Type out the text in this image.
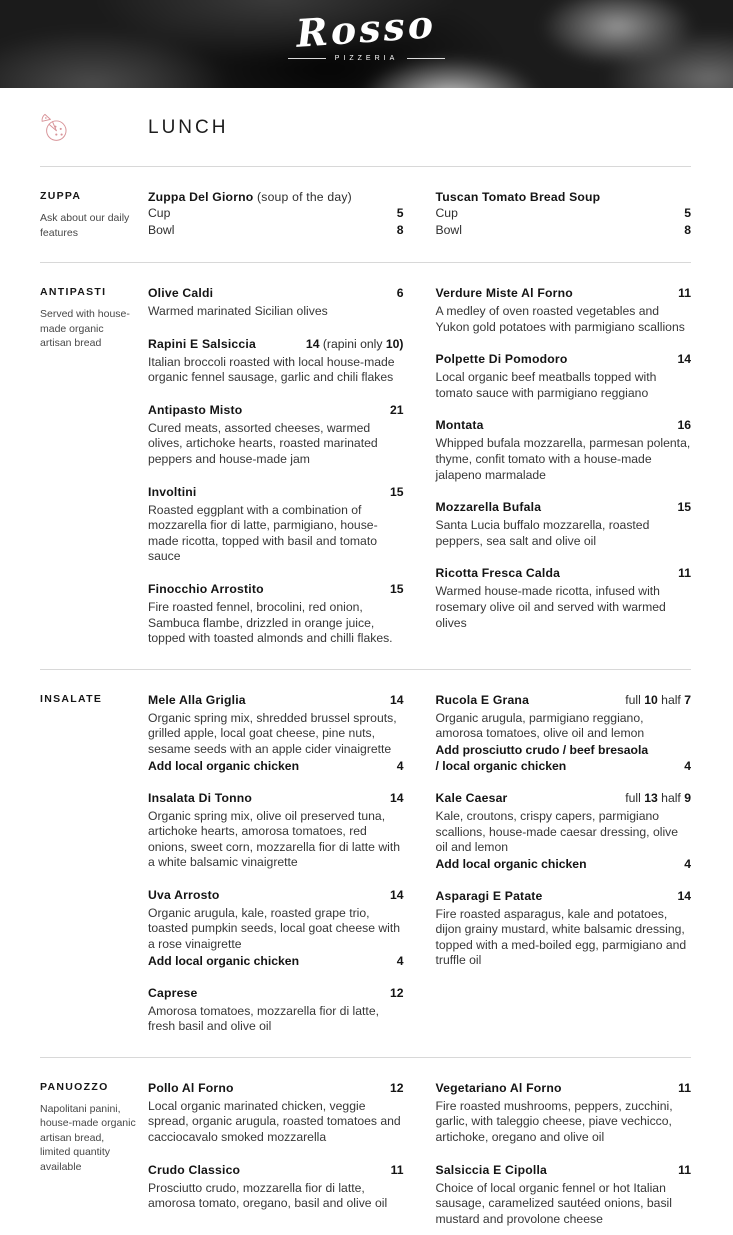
Rosso
PIZZERIA
LUNCH
ZUPPA
Ask about our daily features
Zuppa Del Giorno (soup of the day)
Cup	5
Bowl	8
Tuscan Tomato Bread Soup
Cup	5
Bowl	8
ANTIPASTI
Served with house-made organic artisan bread
Olive Caldi	6
Warmed marinated Sicilian olives
Rapini E Salsiccia	14 (rapini only 10)
Italian broccoli roasted with local house-made organic fennel sausage, garlic and chili flakes
Antipasto Misto	21
Cured meats, assorted cheeses, warmed olives, artichoke hearts, roasted marinated peppers and house-made jam
Involtini	15
Roasted eggplant with a combination of mozzarella fior di latte, parmigiano, house-made ricotta, topped with basil and tomato sauce
Finocchio Arrostito	15
Fire roasted fennel, brocolini, red onion, Sambuca flambe, drizzled in orange juice, topped with toasted almonds and chilli flakes.
Verdure Miste Al Forno	11
A medley of oven roasted vegetables and Yukon gold potatoes with parmigiano scallions
Polpette Di Pomodoro	14
Local organic beef meatballs topped with tomato sauce with parmigiano reggiano
Montata	16
Whipped bufala mozzarella, parmesan polenta, thyme, confit tomato with a house-made jalapeno marmalade
Mozzarella Bufala	15
Santa Lucia buffalo mozzarella, roasted peppers, sea salt and olive oil
Ricotta Fresca Calda	11
Warmed house-made ricotta, infused with rosemary olive oil and served with warmed olives
INSALATE	Mele Alla Griglia	14
Organic spring mix, shredded brussel sprouts, grilled apple, local goat cheese, pine nuts, sesame seeds with an apple cider vinaigrette
Add local organic chicken	4
Insalata Di Tonno	14
Organic spring mix, olive oil preserved tuna, artichoke hearts, amorosa tomatoes, red onions, sweet corn, mozzarella fior di latte with a white balsamic vinaigrette
Uva Arrosto	14
Organic arugula, kale, roasted grape trio, toasted pumpkin seeds, local goat cheese with a rose vinaigrette
Add local organic chicken	4
Caprese	12
Amorosa tomatoes, mozzarella fior di latte, fresh basil and olive oil
Rucola E Grana	full 10 half 7
Organic arugula, parmigiano reggiano, amorosa tomatoes, olive oil and lemon
Add prosciutto crudo / beef bresaola
/ local organic chicken	4
Kale Caesar	full 13 half 9
Kale, croutons, crispy capers, parmigiano scallions, house-made caesar dressing, olive oil and lemon
Add local organic chicken	4
Asparagi E Patate	14
Fire roasted asparagus, kale and potatoes, dijon grainy mustard, white balsamic dressing, topped with a med-boiled egg, parmigiano and truffle oil
PANUOZZO
Napolitani panini, house-made organic artisan bread, limited quantity available
Pollo Al Forno	12
Local organic marinated chicken, veggie spread, organic arugula, roasted tomatoes and cacciocavalo smoked mozzarella
Crudo Classico	11
Prosciutto crudo, mozzarella fior di latte, amorosa tomato, oregano, basil and olive oil
Vegetariano Al Forno	11
Fire roasted mushrooms, peppers, zucchini, garlic, with taleggio cheese, piave vechicco, artichoke, oregano and olive oil
Salsiccia E Cipolla	11
Choice of local organic fennel or hot Italian sausage, caramelized sautéed onions, basil mustard and provolone cheese
